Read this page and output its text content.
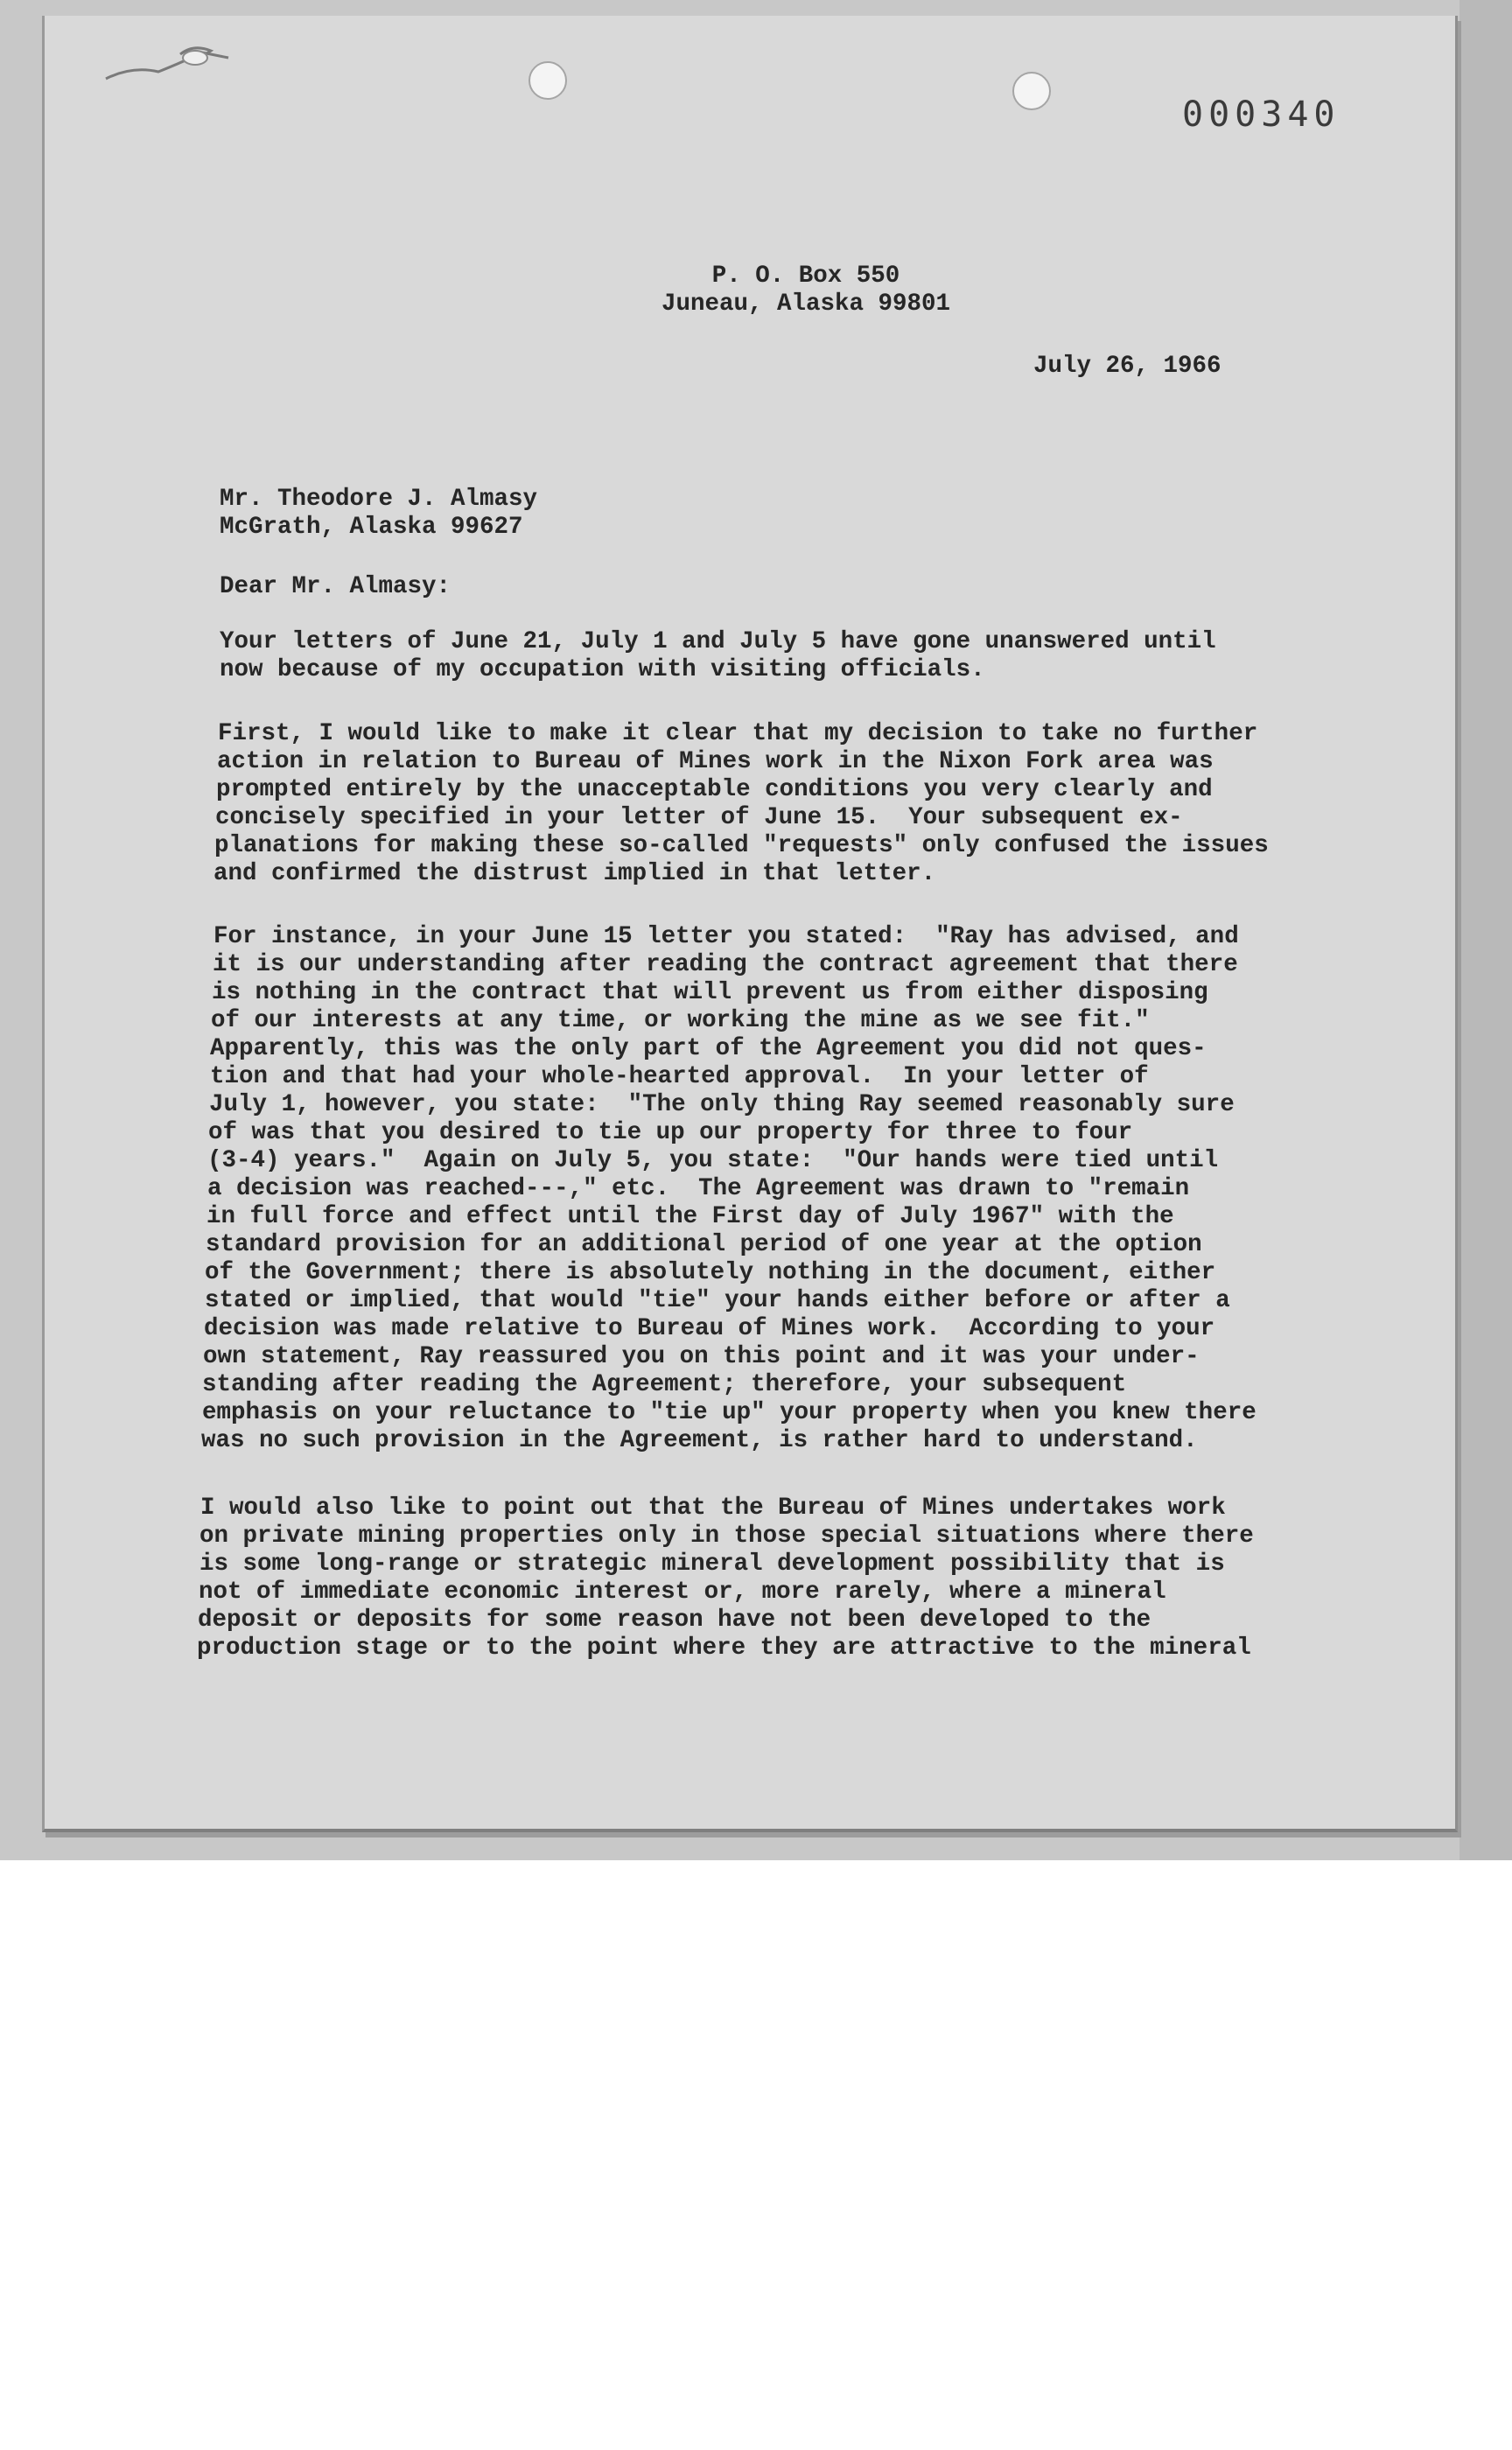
000340
P. O. Box 550
Juneau, Alaska 99801
July 26, 1966
Mr. Theodore J. Almasy
McGrath, Alaska 99627
Dear Mr. Almasy:
Your letters of June 21, July 1 and July 5 have gone unanswered until
now because of my occupation with visiting officials.
First, I would like to make it clear that my decision to take no further
action in relation to Bureau of Mines work in the Nixon Fork area was
prompted entirely by the unacceptable conditions you very clearly and
concisely specified in your letter of June 15.  Your subsequent ex-
planations for making these so-called "requests" only confused the issues
and confirmed the distrust implied in that letter.
For instance, in your June 15 letter you stated:  "Ray has advised, and
it is our understanding after reading the contract agreement that there
is nothing in the contract that will prevent us from either disposing
of our interests at any time, or working the mine as we see fit."
Apparently, this was the only part of the Agreement you did not ques-
tion and that had your whole-hearted approval.  In your letter of
July 1, however, you state:  "The only thing Ray seemed reasonably sure
of was that you desired to tie up our property for three to four
(3-4) years."  Again on July 5, you state:  "Our hands were tied until
a decision was reached---," etc.  The Agreement was drawn to "remain
in full force and effect until the First day of July 1967" with the
standard provision for an additional period of one year at the option
of the Government; there is absolutely nothing in the document, either
stated or implied, that would "tie" your hands either before or after a
decision was made relative to Bureau of Mines work.  According to your
own statement, Ray reassured you on this point and it was your under-
standing after reading the Agreement; therefore, your subsequent
emphasis on your reluctance to "tie up" your property when you knew there
was no such provision in the Agreement, is rather hard to understand.
I would also like to point out that the Bureau of Mines undertakes work
on private mining properties only in those special situations where there
is some long-range or strategic mineral development possibility that is
not of immediate economic interest or, more rarely, where a mineral
deposit or deposits for some reason have not been developed to the
production stage or to the point where they are attractive to the mineral
